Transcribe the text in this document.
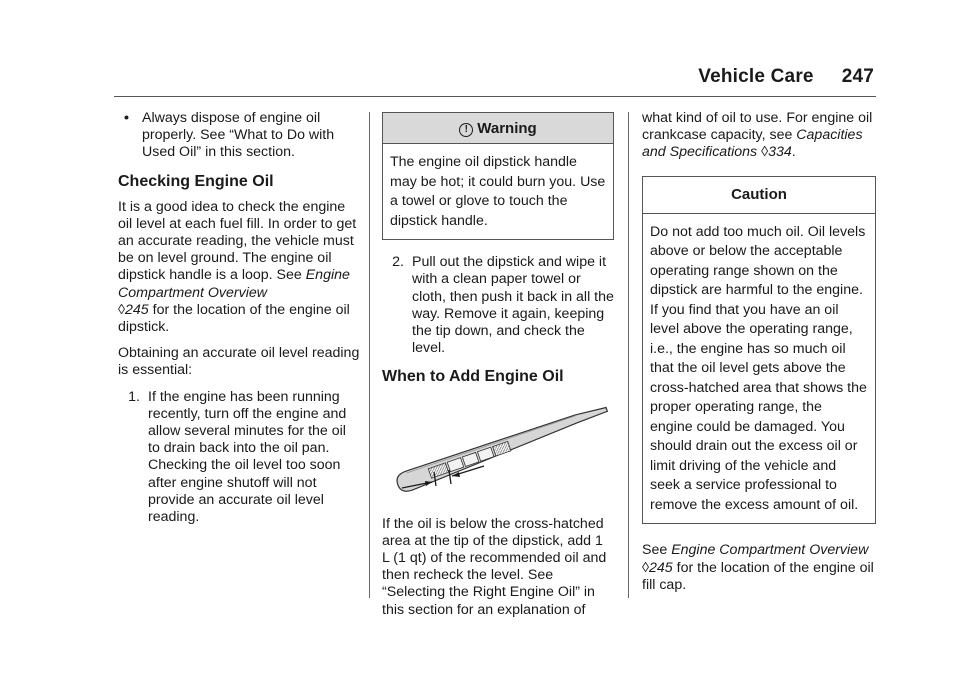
Vehicle Care 247
• Always dispose of engine oil properly. See “What to Do with Used Oil” in this section.
Checking Engine Oil

It is a good idea to check the engine oil level at each fuel fill. In order to get an accurate reading, the vehicle must be on level ground. The engine oil dipstick handle is a loop. See Engine Compartment Overview
◊245 for the location of the engine oil dipstick.

Obtaining an accurate oil level reading is essential:

1. If the engine has been running recently, turn off the engine and allow several minutes for the oil to drain back into the oil pan. Checking the oil level too soon after engine shutoff will not provide an accurate oil level reading.
! Warning
The engine oil dipstick handle may be hot; it could burn you. Use a towel or glove to touch the dipstick handle.
2. Pull out the dipstick and wipe it with a clean paper towel or cloth, then push it back in all the way. Remove it again, keeping the tip down, and check the level.
When to Add Engine Oil

If the oil is below the cross-hatched area at the tip of the dipstick, add 1 L (1 qt) of the recommended oil and then recheck the level. See “Selecting the Right Engine Oil” in this section for an explanation of

what kind of oil to use. For engine oil crankcase capacity, see Capacities and Specifications ◊334.

Caution
Do not add too much oil. Oil levels above or below the acceptable operating range shown on the dipstick are harmful to the engine. If you find that you have an oil level above the operating range, i.e., the engine has so much oil that the oil level gets above the cross-hatched area that shows the proper operating range, the engine could be damaged. You should drain out the excess oil or limit driving of the vehicle and seek a service professional to remove the excess amount of oil.

See Engine Compartment Overview
◊245 for the location of the engine oil fill cap.
